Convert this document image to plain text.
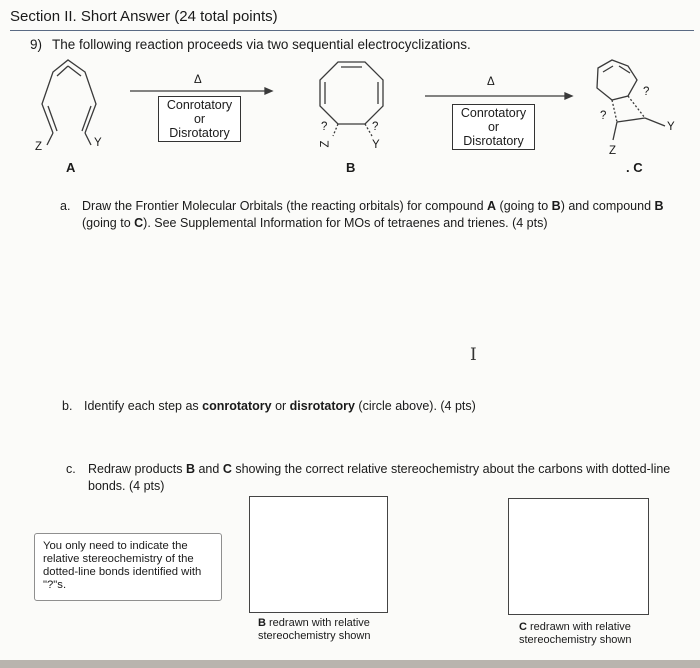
Section II. Short Answer (24 total points)
9) The following reaction proceeds via two sequential electrocyclizations.
Z	Y
A
Δ
Conrotatory
or
Disrotatory	?	?
Z	Y
B
Δ
Conrotatory
or
Disrotatory
?
?
Y
Z
. C
a. Draw the Frontier Molecular Orbitals (the reacting orbitals) for compound A (going to B) and compound B (going to C). See Supplemental Information for MOs of tetraenes and trienes. (4 pts)
I
b. Identify each step as conrotatory or disrotatory (circle above). (4 pts)
c. Redraw products B and C showing the correct relative stereochemistry about the carbons with dotted-line bonds. (4 pts)
You only need to indicate the relative stereochemistry of the dotted-line bonds identified with "?"s.
B redrawn with relative stereochemistry shown
C redrawn with relative stereochemistry shown
